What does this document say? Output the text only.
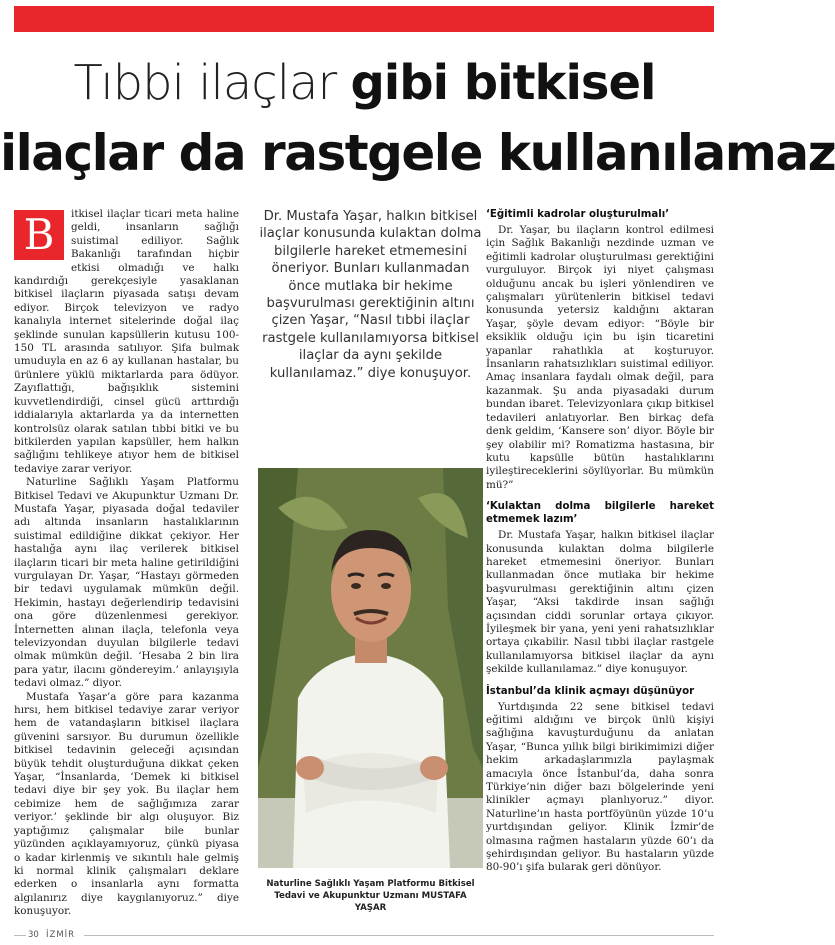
Tıbbi ilaçlar gibi bitkisel
ilaçlar da rastgele kullanılamaz
B	itkisel ilaçlar ticari meta haline geldi, insanların sağlığı suistimal ediliyor. Sağlık Bakanlığı tarafından hiçbir etkisi olmadığı ve halkı kandırdığı gerekçesiyle yasaklanan bitkisel ilaçların piyasada satışı devam ediyor. Birçok televizyon ve radyo kanalıyla internet sitelerinde doğal ilaç şeklinde sunulan kapsüllerin kutusu 100-150 TL arasında satılıyor. Şifa bulmak umuduyla en az 6 ay kullanan hastalar, bu ürünlere yüklü miktarlarda para ödüyor. Zayıflattığı, bağışıklık sistemini kuvvetlendirdiği, cinsel gücü arttırdığı iddialarıyla aktarlarda ya da internetten kontrolsüz olarak satılan tıbbi bitki ve bu bitkilerden yapılan kapsüller, hem halkın sağlığını tehlikeye atıyor hem de bitkisel tedaviye zarar veriyor.

Naturline Sağlıklı Yaşam Platformu Bitkisel Tedavi ve Akupunktur Uzmanı Dr. Mustafa Yaşar, piyasada doğal tedaviler adı altında insanların hastalıklarının suistimal edildiğine dikkat çekiyor. Her hastalığa aynı ilaç verilerek bitkisel ilaçların ticari bir meta haline getirildiğini vurgulayan Dr. Yaşar, “Hastayı görmeden bir tedavi uygulamak mümkün değil. Hekimin, hastayı değerlendirip tedavisini ona göre düzenlenmesi gerekiyor. İnternetten alınan ilaçla, telefonla veya televizyondan duyulan bilgilerle tedavi olmak mümkün değil. ‘Hesaba 2 bin lira para yatır, ilacını göndereyim.’ anlayışıyla tedavi olmaz.” diyor.

Mustafa Yaşar’a göre para kazanma hırsı, hem bitkisel tedaviye zarar veriyor hem de vatandaşların bitkisel ilaçlara güvenini sarsıyor. Bu durumun özellikle bitkisel tedavinin geleceği açısından büyük tehdit oluşturduğuna dikkat çeken Yaşar, “İnsanlarda, ‘Demek ki bitkisel tedavi diye bir şey yok. Bu ilaçlar hem cebimize hem de sağlığımıza zarar veriyor.’ şeklinde bir algı oluşuyor. Biz yaptığımız çalışmalar bile bunlar yüzünden açıklayamıyoruz, çünkü piyasa o kadar kirlenmiş ve sıkıntılı hale gelmiş ki normal klinik çalışmaları deklare ederken o insanlarla aynı formatta algılanırız diye kaygılanıyoruz.” diye konuşuyor.

Dr. Mustafa Yaşar, halkın bitkisel ilaçlar konusunda kulaktan dolma bilgilerle hareket etmemesini öneriyor. Bunları kullanmadan önce mutlaka bir hekime başvurulması gerektiğinin altını çizen Yaşar, “Nasıl tıbbi ilaçlar rastgele kullanılamıyorsa bitkisel ilaçlar da aynı şekilde kullanılamaz.” diye konuşuyor.
Naturline Sağlıklı Yaşam Platformu Bitkisel
Tedavi ve Akupunktur Uzmanı MUSTAFA YAŞAR
‘Eğitimli kadrolar oluşturulmalı’

Dr. Yaşar, bu ilaçların kontrol edilmesi için Sağlık Bakanlığı nezdinde uzman ve eğitimli kadrolar oluşturulması gerektiğini vurguluyor. Birçok iyi niyet çalışması olduğunu ancak bu işleri yönlendiren ve çalışmaları yürütenlerin bitkisel tedavi konusunda yetersiz kaldığını aktaran Yaşar, şöyle devam ediyor: “Böyle bir eksiklik olduğu için bu işin ticaretini yapanlar rahatlıkla at koşturuyor. İnsanların rahatsızlıkları suistimal ediliyor. Amaç insanlara faydalı olmak değil, para kazanmak. Şu anda piyasadaki durum bundan ibaret. Televizyonlara çıkıp bitkisel tedavileri anlatıyorlar. Ben birkaç defa denk geldim, ‘Kansere son’ diyor. Böyle bir şey olabilir mi? Romatizma hastasına, bir kutu kapsülle bütün hastalıklarını iyileştireceklerini söylüyorlar. Bu mümkün mü?”

‘Kulaktan dolma bilgilerle hareket etmemek lazım’

Dr. Mustafa Yaşar, halkın bitkisel ilaçlar konusunda kulaktan dolma bilgilerle hareket etmemesini öneriyor. Bunları kullanmadan önce mutlaka bir hekime başvurulması gerektiğinin altını çizen Yaşar, “Aksi takdirde insan sağlığı açısından ciddi sorunlar ortaya çıkıyor. İyileşmek bir yana, yeni yeni rahatsızlıklar ortaya çıkabilir. Nasıl tıbbi ilaçlar rastgele kullanılamıyorsa bitkisel ilaçlar da aynı şekilde kullanılamaz.” diye konuşuyor.

İstanbul’da klinik açmayı düşünüyor

Yurtdışında 22 sene bitkisel tedavi eğitimi aldığını ve birçok ünlü kişiyi sağlığına kavuşturduğunu da anlatan Yaşar, “Bunca yıllık bilgi birikimimizi diğer hekim arkadaşlarımızla paylaşmak amacıyla önce İstanbul’da, daha sonra Türkiye’nin diğer bazı bölgelerinde yeni klinikler açmayı planlıyoruz.” diyor. Naturline’ın hasta portföyünün yüzde 10’u yurtdışından geliyor. Klinik İzmir’de olmasına rağmen hastaların yüzde 60’ı da şehirdışından geliyor. Bu hastaların yüzde 80-90’ı şifa bularak geri dönüyor.

30 İZMİR
